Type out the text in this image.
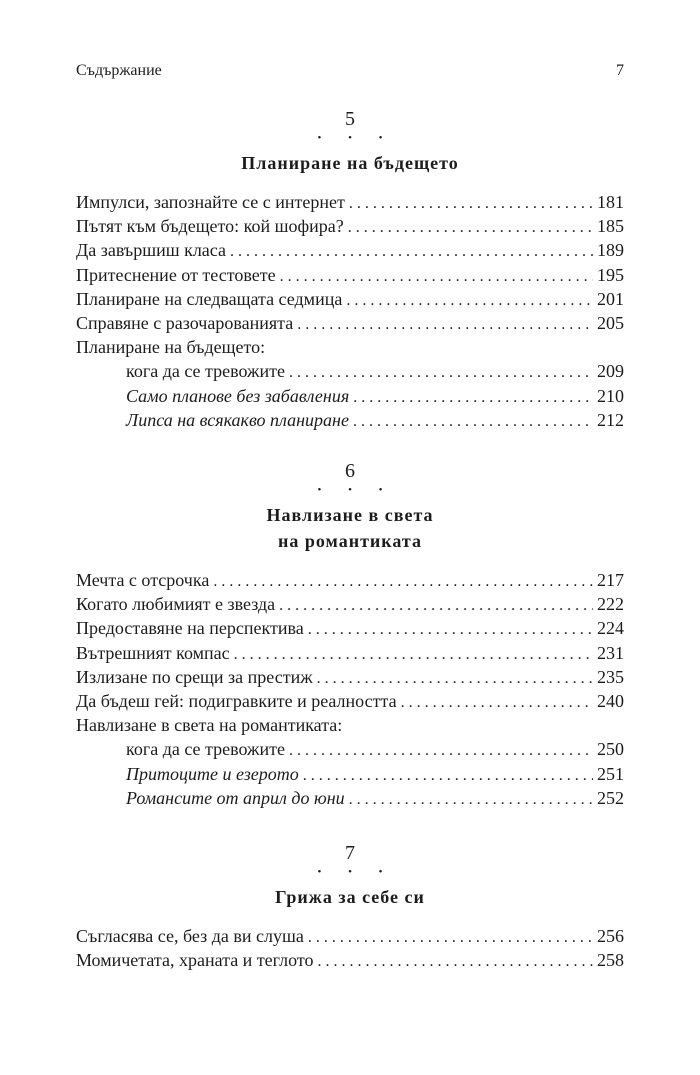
Съдържание	7
5
• • •
Планиране на бъдещето
Импулси, запознайте се с интернет . . .	181
Пътят към бъдещето: кой шофира? . . .	185
Да завършиш класа . . .	189
Притеснение от тестовете . . .	195
Планиране на следващата седмица . . .	201
Справяне с разочарованията . . .	205
Планиране на бъдещето:
кога да се тревожите . . .	209
Само планове без забавления . . .	210
Липса на всякакво планиране . . .	212
6
• • •
Навлизане в света
на романтиката
Мечта с отсрочка . . .	217
Когато любимият е звезда . . .	222
Предоставяне на перспектива . . .	224
Вътрешният компас . . .	231
Излизане по срещи за престиж . . .	235
Да бъдеш гей: подигравките и реалността . . .	240
Навлизане в света на романтиката:
кога да се тревожите . . .	250
Притоците и езерото . . .	251
Романсите от април до юни . . .	252
7
• • •
Грижа за себе си
Съгласява се, без да ви слуша . . .	256
Момичетата, храната и теглото . . .	258
